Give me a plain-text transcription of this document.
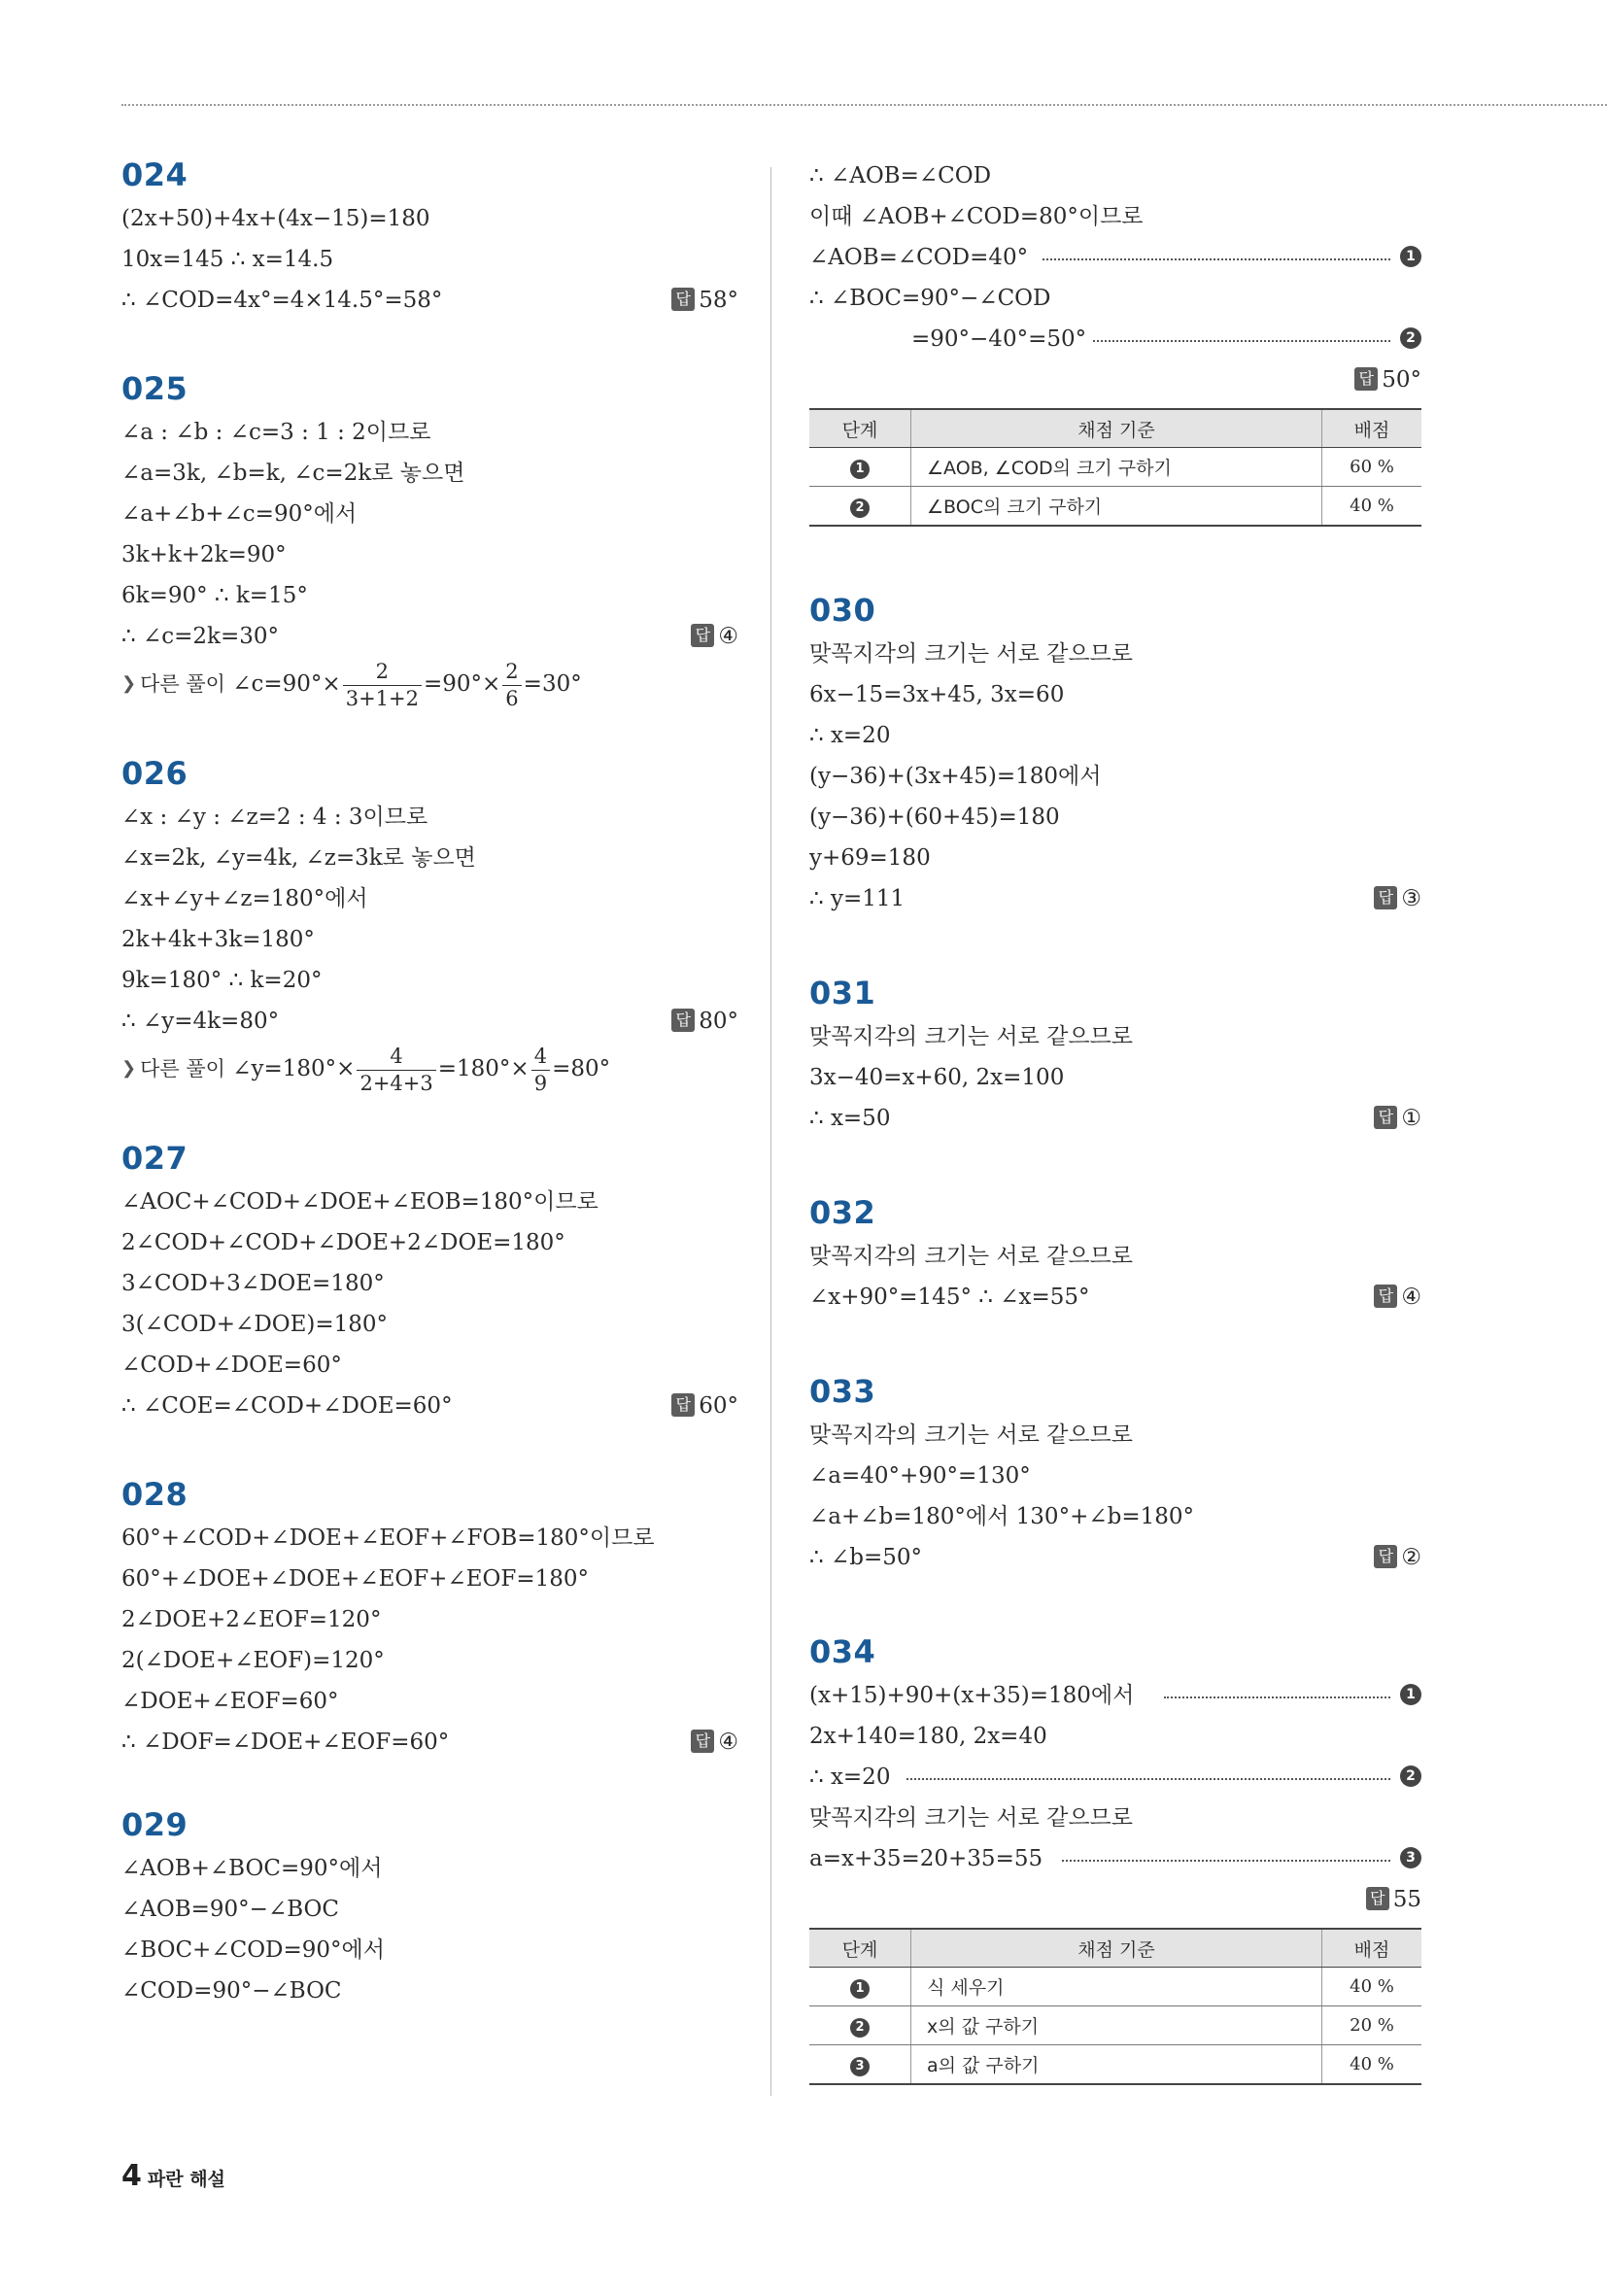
024
(2x+50)+4x+(4x−15)=180
10x=145 ∴ x=14.5
∴ ∠COD=4x°=4×14.5°=58°	답 58°
025
∠a : ∠b : ∠c=3 : 1 : 2이므로
∠a=3k, ∠b=k, ∠c=2k로 놓으면
∠a+∠b+∠c=90°에서
3k+k+2k=90°
6k=90° ∴ k=15°
∴ ∠c=2k=30°	답 ④
❯ 다른 풀이 ∠c=90°× $\frac{2}{3+1+2} =90^\circ\times \frac{2}{6} =30^\circ$
026
∠x : ∠y : ∠z=2 : 4 : 3이므로
∠x=2k, ∠y=4k, ∠z=3k로 놓으면
∠x+∠y+∠z=180°에서
2k+4k+3k=180°
9k=180° ∴ k=20°
∴ ∠y=4k=80°	답 80°
❯ 다른 풀이 ∠y=180°× $\frac{4}{2+4+3} =180^\circ\times \frac{4}{9} =80^\circ$
027
∠AOC+∠COD+∠DOE+∠EOB=180°이므로
2∠COD+∠COD+∠DOE+2∠DOE=180°
3∠COD+3∠DOE=180°
3(∠COD+∠DOE)=180°
∠COD+∠DOE=60°
∴ ∠COE=∠COD+∠DOE=60°	답 60°
028
60°+∠COD+∠DOE+∠EOF+∠FOB=180°이므로
60°+∠DOE+∠DOE+∠EOF+∠EOF=180°
2∠DOE+2∠EOF=120°
2(∠DOE+∠EOF)=120°
∠DOE+∠EOF=60°
∴ ∠DOF=∠DOE+∠EOF=60°	답 ④
029
∠AOB+∠BOC=90°에서
∠AOB=90°−∠BOC
∠BOC+∠COD=90°에서
∠COD=90°−∠BOC
∴ ∠AOB=∠COD
이때 ∠AOB+∠COD=80°이므로
∠AOB=∠COD=40°	1
∴ ∠BOC=90°−∠COD
=90°−40°=50°	2
답 50°
단계	채점 기준	배점
1	∠AOB, ∠COD의 크기 구하기	60 %
2	∠BOC의 크기 구하기	40 %
030
맞꼭지각의 크기는 서로 같으므로
6x−15=3x+45, 3x=60
∴ x=20
(y−36)+(3x+45)=180에서
(y−36)+(60+45)=180
y+69=180
∴ y=111	답 ③
031
맞꼭지각의 크기는 서로 같으므로
3x−40=x+60, 2x=100
∴ x=50	답 ①
032
맞꼭지각의 크기는 서로 같으므로
∠x+90°=145° ∴ ∠x=55°	답 ④
033
맞꼭지각의 크기는 서로 같으므로
∠a=40°+90°=130°
∠a+∠b=180°에서 130°+∠b=180°
∴ ∠b=50°	답 ②
034
(x+15)+90+(x+35)=180에서	1
2x+140=180, 2x=40
∴ x=20	2
맞꼭지각의 크기는 서로 같으므로
a=x+35=20+35=55	3
답 55
단계	채점 기준	배점
1	식 세우기	40 %
2	x의 값 구하기	20 %
3	a의 값 구하기	40 %
4 파란 해설
